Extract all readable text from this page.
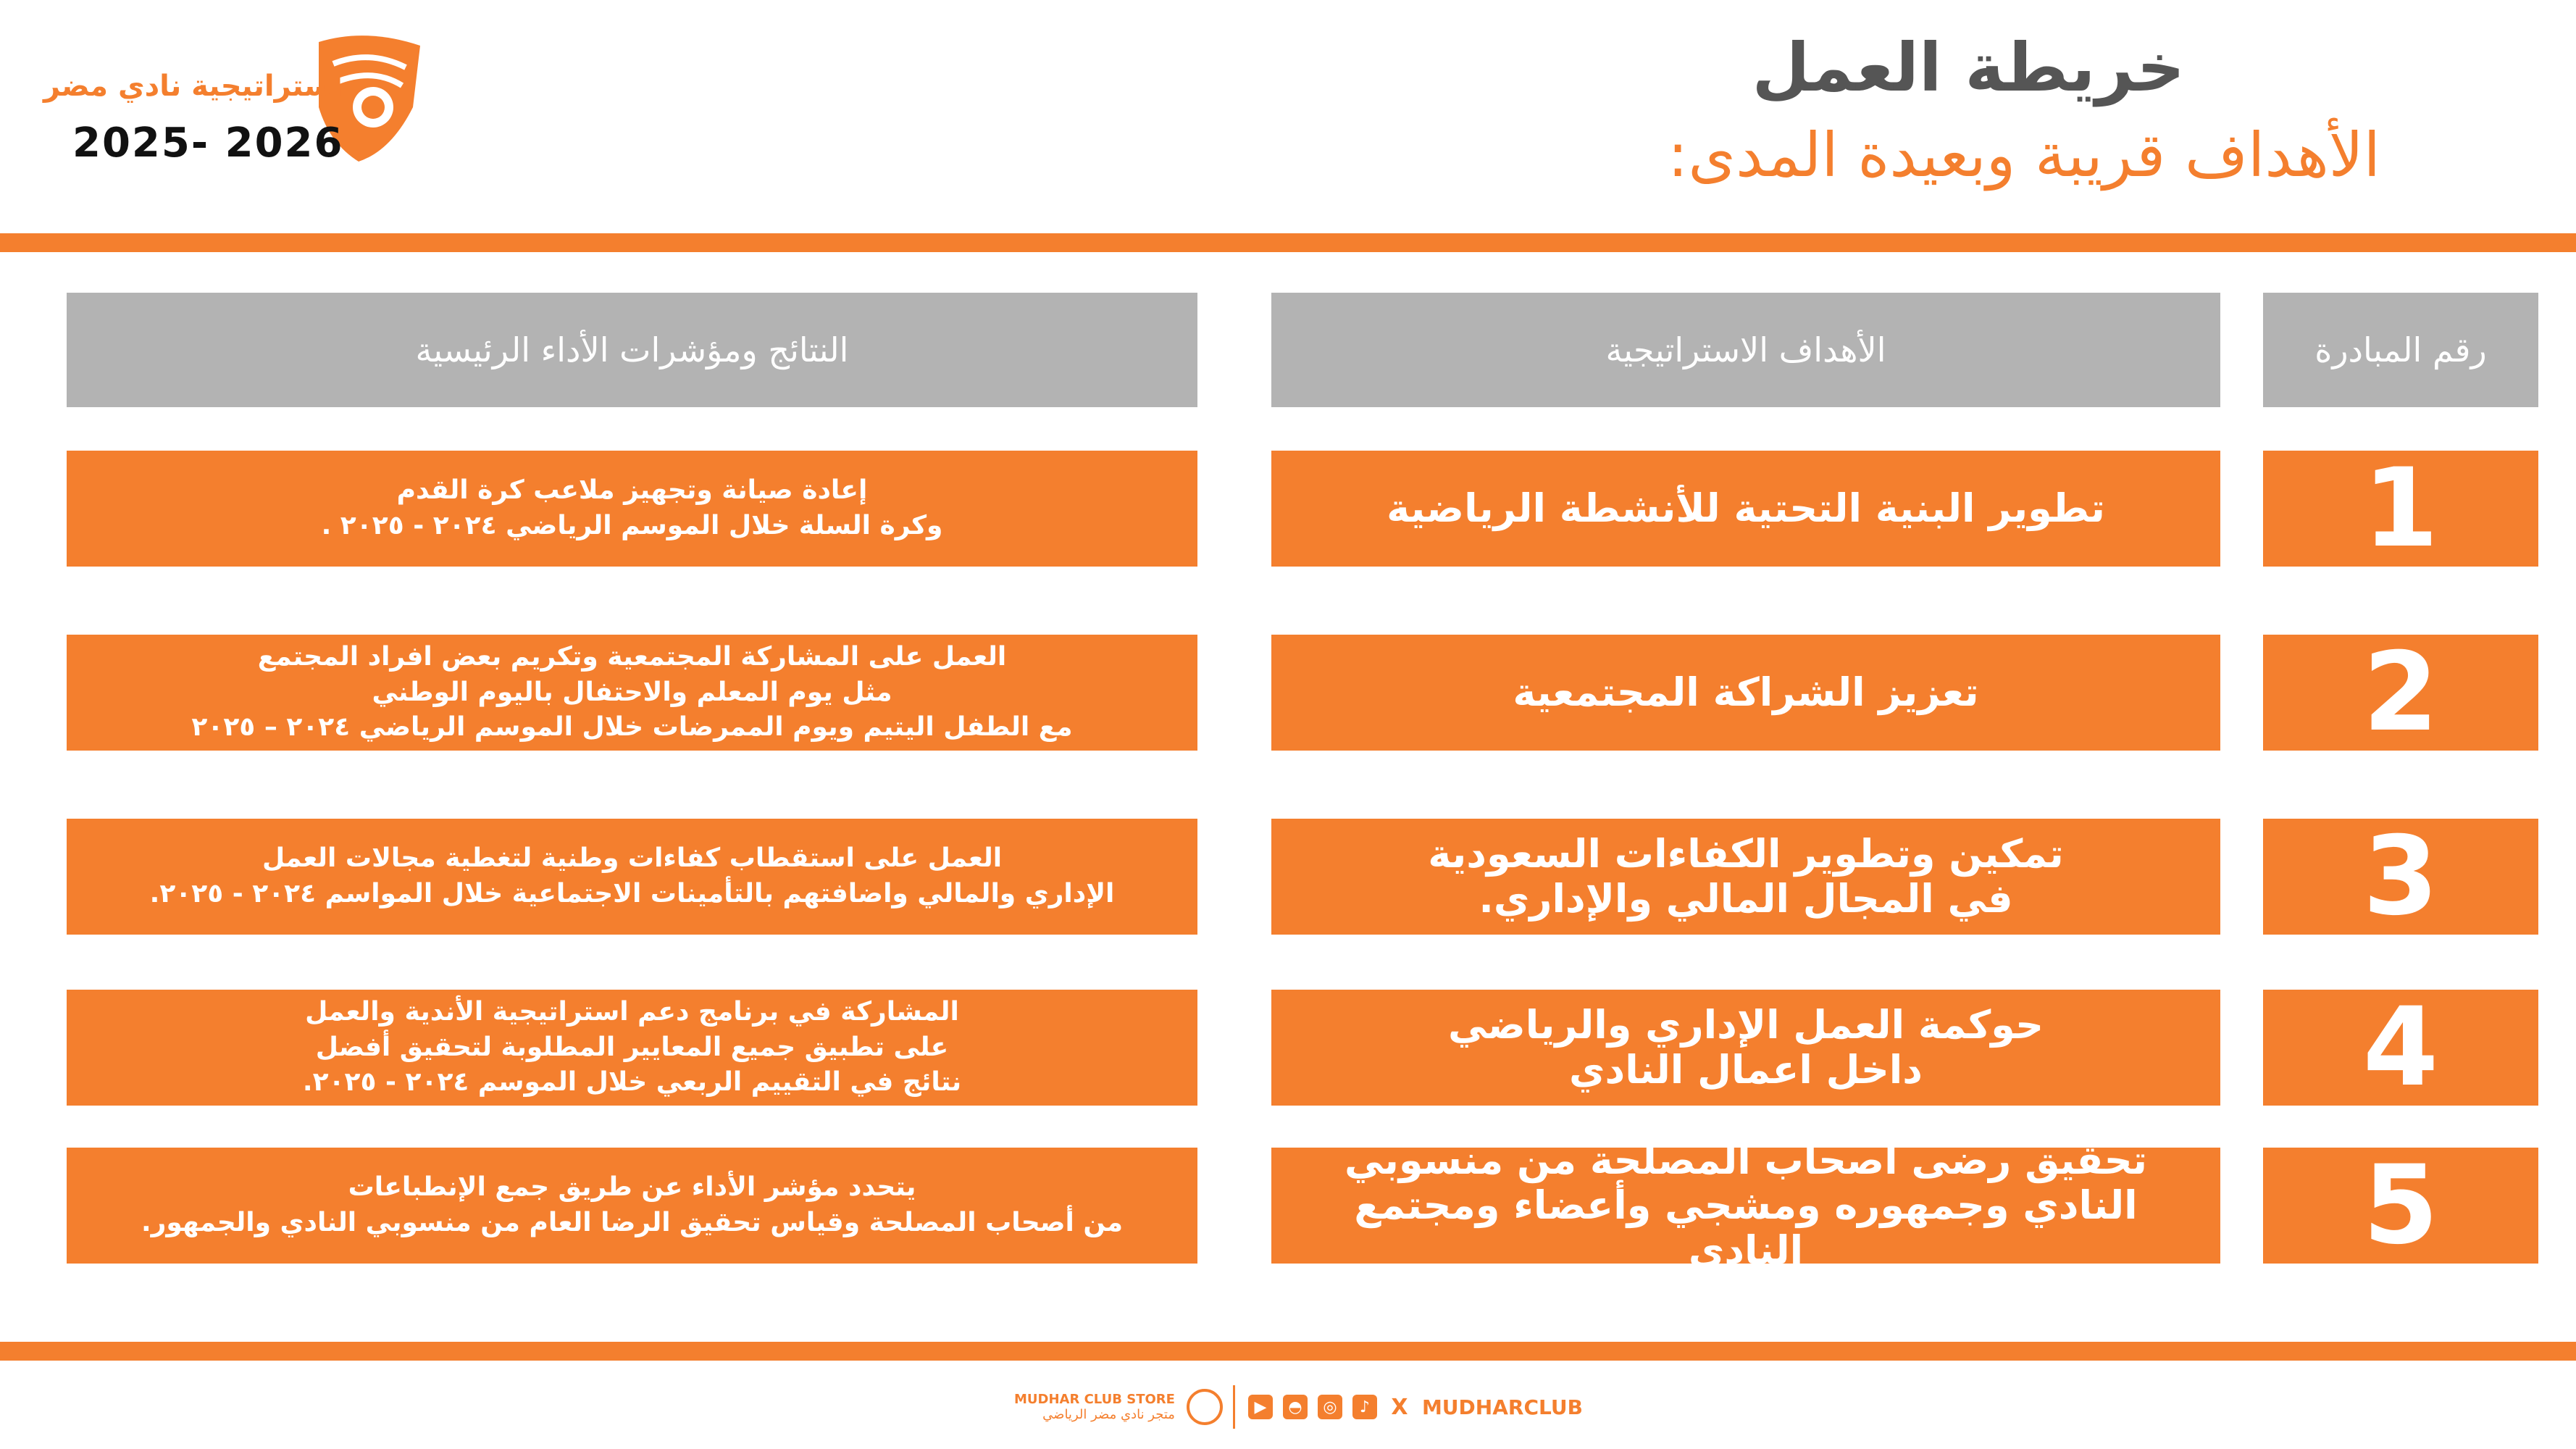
خريطة العمل
الأهداف قريبة وبعيدة المدى:
استراتيجية نادي مضر
2025- 2026
النتائج ومؤشرات الأداء الرئيسية	الأهداف الاستراتيجية	رقم المبادرة
إعادة صيانة وتجهيز ملاعب كرة القدم
وكرة السلة خلال الموسم الرياضي ٢٠٢٤ - ٢٠٢٥ .	تطوير البنية التحتية للأنشطة الرياضية	1
العمل على المشاركة المجتمعية وتكريم بعض افراد المجتمع
مثل يوم المعلم والاحتفال باليوم الوطني
مع الطفل اليتيم ويوم الممرضات خلال الموسم الرياضي ٢٠٢٤ – ٢٠٢٥
تعزيز الشراكة المجتمعية	2
العمل على استقطاب كفاءات وطنية لتغطية مجالات العمل
الإداري والمالي واضافتهم بالتأمينات الاجتماعية خلال المواسم ٢٠٢٤ - ٢٠٢٥.
تمكين وتطوير الكفاءات السعودية
في المجال المالي والإداري.	3
المشاركة في برنامج دعم استراتيجية الأندية والعمل
على تطبيق جميع المعايير المطلوبة لتحقيق أفضل
نتائج في التقييم الربعي خلال الموسم ٢٠٢٤ - ٢٠٢٥.
حوكمة العمل الإداري والرياضي
داخل اعمال النادي	4
يتحدد مؤشر الأداء عن طريق جمع الإنطباعات
من أصحاب المصلحة وقياس تحقيق الرضا العام من منسوبي النادي والجمهور.
تحقيق رضى أصحاب المصلحة من منسوبي
النادي وجمهوره ومشجي وأعضاء ومجتمع النادي	5
MUDHAR CLUB STORE
متجر نادي مضر الرياضي	▶	◓	◎	♪ X MUDHARCLUB
